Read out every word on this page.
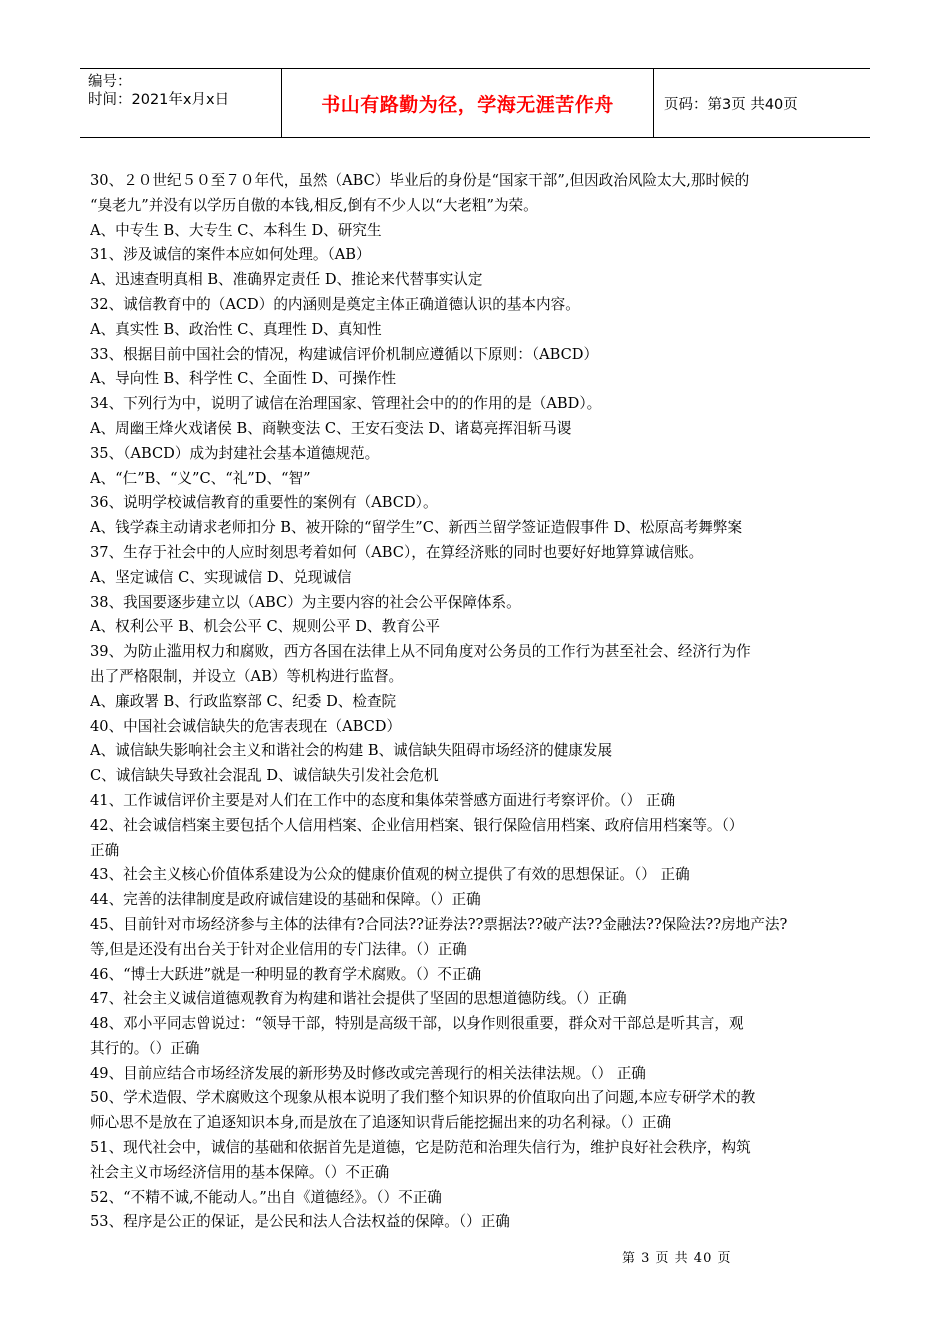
编号：
时间：2021年x月x日	书山有路勤为径，学海无涯苦作舟	页码：第3页 共40页

30、２０世纪５０至７０年代，虽然（ABC）毕业后的身份是“国家干部”,但因政治风险太大,那时候的

“臭老九”并没有以学历自傲的本钱,相反,倒有不少人以“大老粗”为荣。

A、中专生 B、大专生 C、本科生 D、研究生

31、涉及诚信的案件本应如何处理。（AB）

A、迅速查明真相 B、准确界定责任 D、推论来代替事实认定

32、诚信教育中的（ACD）的内涵则是奠定主体正确道德认识的基本内容。

A、真实性 B、政治性 C、真理性 D、真知性

33、根据目前中国社会的情况，构建诚信评价机制应遵循以下原则：（ABCD）

A、导向性 B、科学性 C、全面性 D、可操作性

34、下列行为中，说明了诚信在治理国家、管理社会中的的作用的是（ABD）。

A、周幽王烽火戏诸侯 B、商鞅变法 C、王安石变法 D、诸葛亮挥泪斩马谡

35、（ABCD）成为封建社会基本道德规范。

A、“仁”B、“义”C、“礼”D、“智”

36、说明学校诚信教育的重要性的案例有（ABCD）。

A、钱学森主动请求老师扣分 B、被开除的“留学生”C、新西兰留学签证造假事件 D、松原高考舞弊案

37、生存于社会中的人应时刻思考着如何（ABC），在算经济账的同时也要好好地算算诚信账。

A、坚定诚信 C、实现诚信 D、兑现诚信

38、我国要逐步建立以（ABC）为主要内容的社会公平保障体系。

A、权利公平 B、机会公平 C、规则公平 D、教育公平

39、为防止滥用权力和腐败，西方各国在法律上从不同角度对公务员的工作行为甚至社会、经济行为作

出了严格限制，并设立（AB）等机构进行监督。

A、廉政署 B、行政监察部 C、纪委 D、检查院

40、中国社会诚信缺失的危害表现在（ABCD）

A、诚信缺失影响社会主义和谐社会的构建 B、诚信缺失阻碍市场经济的健康发展

C、诚信缺失导致社会混乱 D、诚信缺失引发社会危机

41、工作诚信评价主要是对人们在工作中的态度和集体荣誉感方面进行考察评价。（） 正确

42、社会诚信档案主要包括个人信用档案、企业信用档案、银行保险信用档案、政府信用档案等。（）

正确

43、社会主义核心价值体系建设为公众的健康价值观的树立提供了有效的思想保证。（） 正确

44、完善的法律制度是政府诚信建设的基础和保障。（）正确

45、目前针对市场经济参与主体的法律有?合同法??证券法??票据法??破产法??金融法??保险法??房地产法?

等,但是还没有出台关于针对企业信用的专门法律。（）正确

46、“博士大跃进”就是一种明显的教育学术腐败。（）不正确

47、社会主义诚信道德观教育为构建和谐社会提供了坚固的思想道德防线。（）正确

48、邓小平同志曾说过：“领导干部，特别是高级干部，以身作则很重要，群众对干部总是听其言，观

其行的。（）正确

49、目前应结合市场经济发展的新形势及时修改或完善现行的相关法律法规。（） 正确

50、学术造假、学术腐败这个现象从根本说明了我们整个知识界的价值取向出了问题,本应专研学术的教

师心思不是放在了追逐知识本身,而是放在了追逐知识背后能挖掘出来的功名利禄。（）正确

51、现代社会中，诚信的基础和依据首先是道德，它是防范和治理失信行为，维护良好社会秩序，构筑

社会主义市场经济信用的基本保障。（）不正确

52、“不精不诚,不能动人。”出自《道德经》。（）不正确

53、程序是公正的保证，是公民和法人合法权益的保障。（）正确

第 3 页 共 40 页
